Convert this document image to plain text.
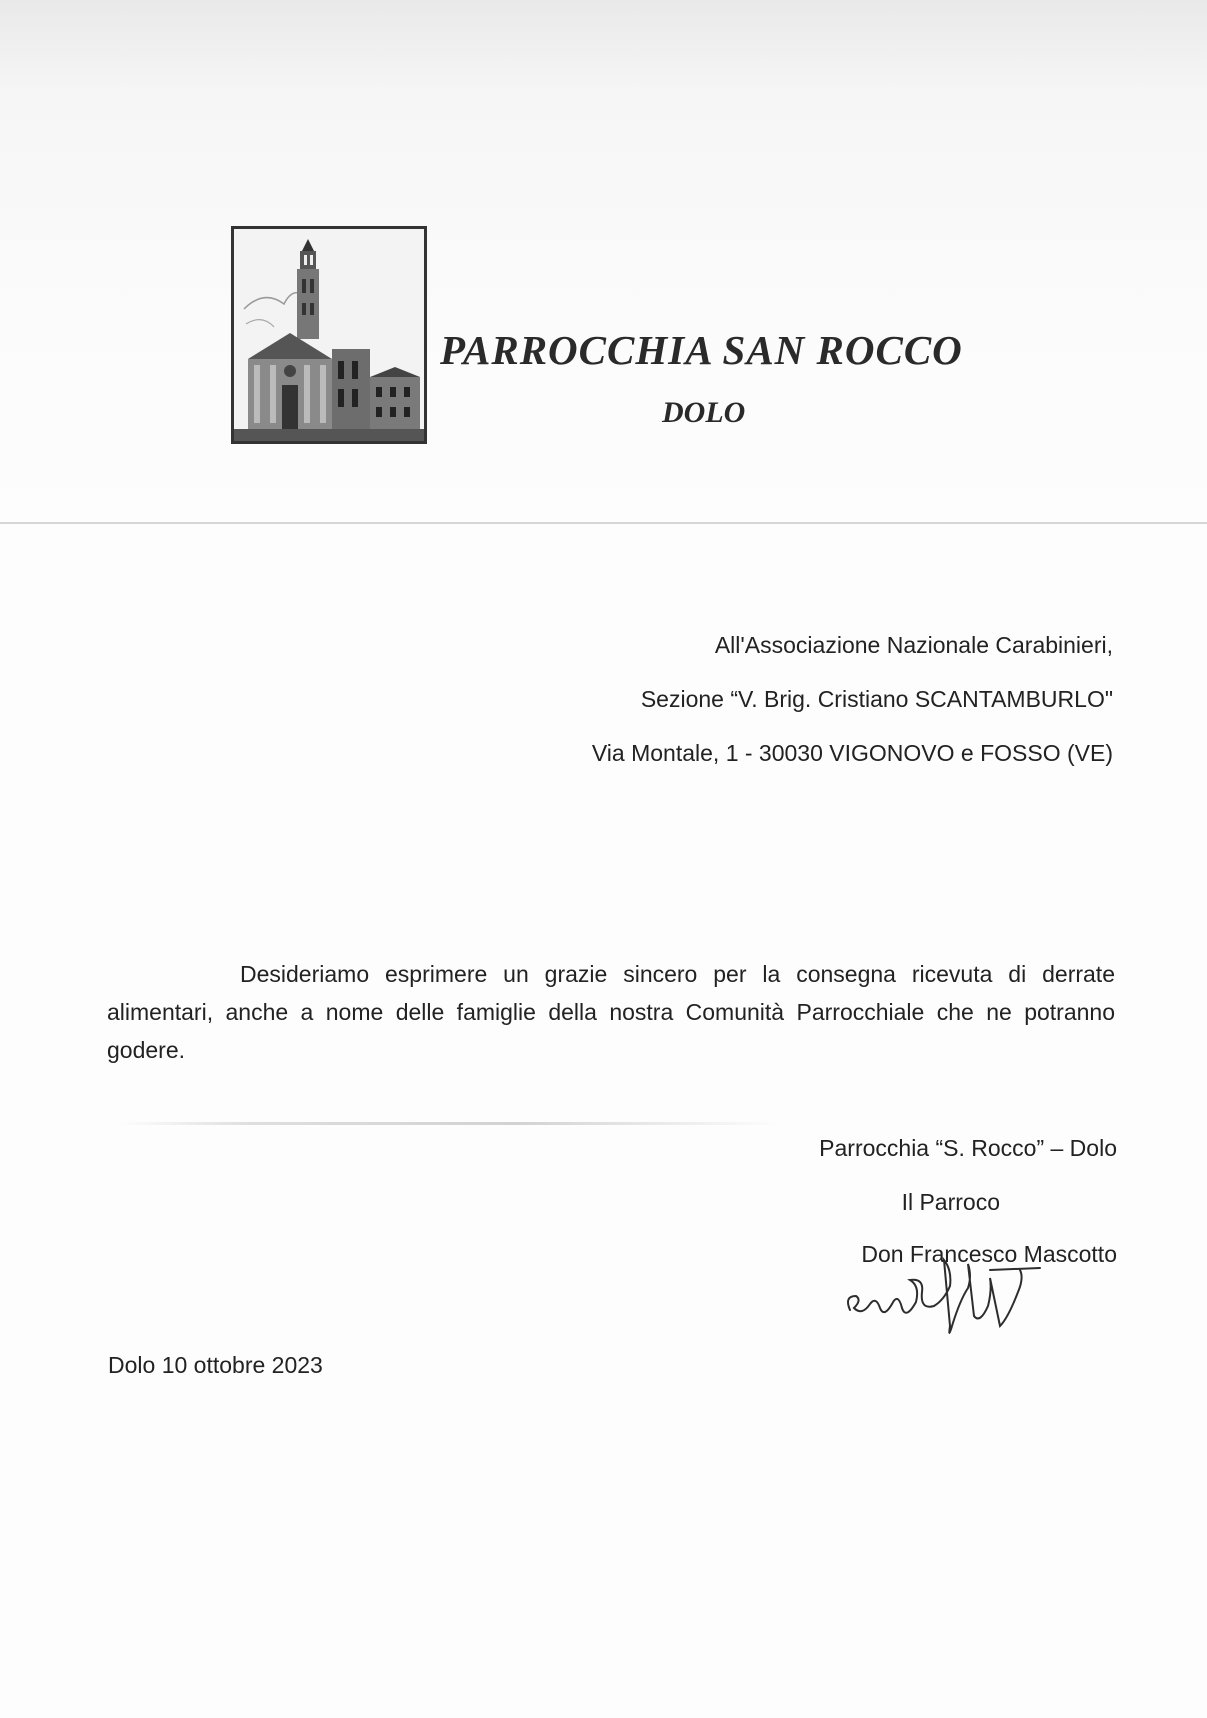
PARROCCHIA SAN ROCCO
DOLO
All'Associazione Nazionale Carabinieri,
Sezione “V. Brig. Cristiano SCANTAMBURLO"
Via Montale, 1 - 30030 VIGONOVO e FOSSO (VE)
Desideriamo esprimere un grazie sincero per la consegna ricevuta di derrate alimentari, anche a nome delle famiglie della nostra Comunità Parrocchiale che ne potranno godere.
Parrocchia “S. Rocco” – Dolo
Il Parroco
Don Francesco Mascotto
Dolo 10 ottobre 2023
